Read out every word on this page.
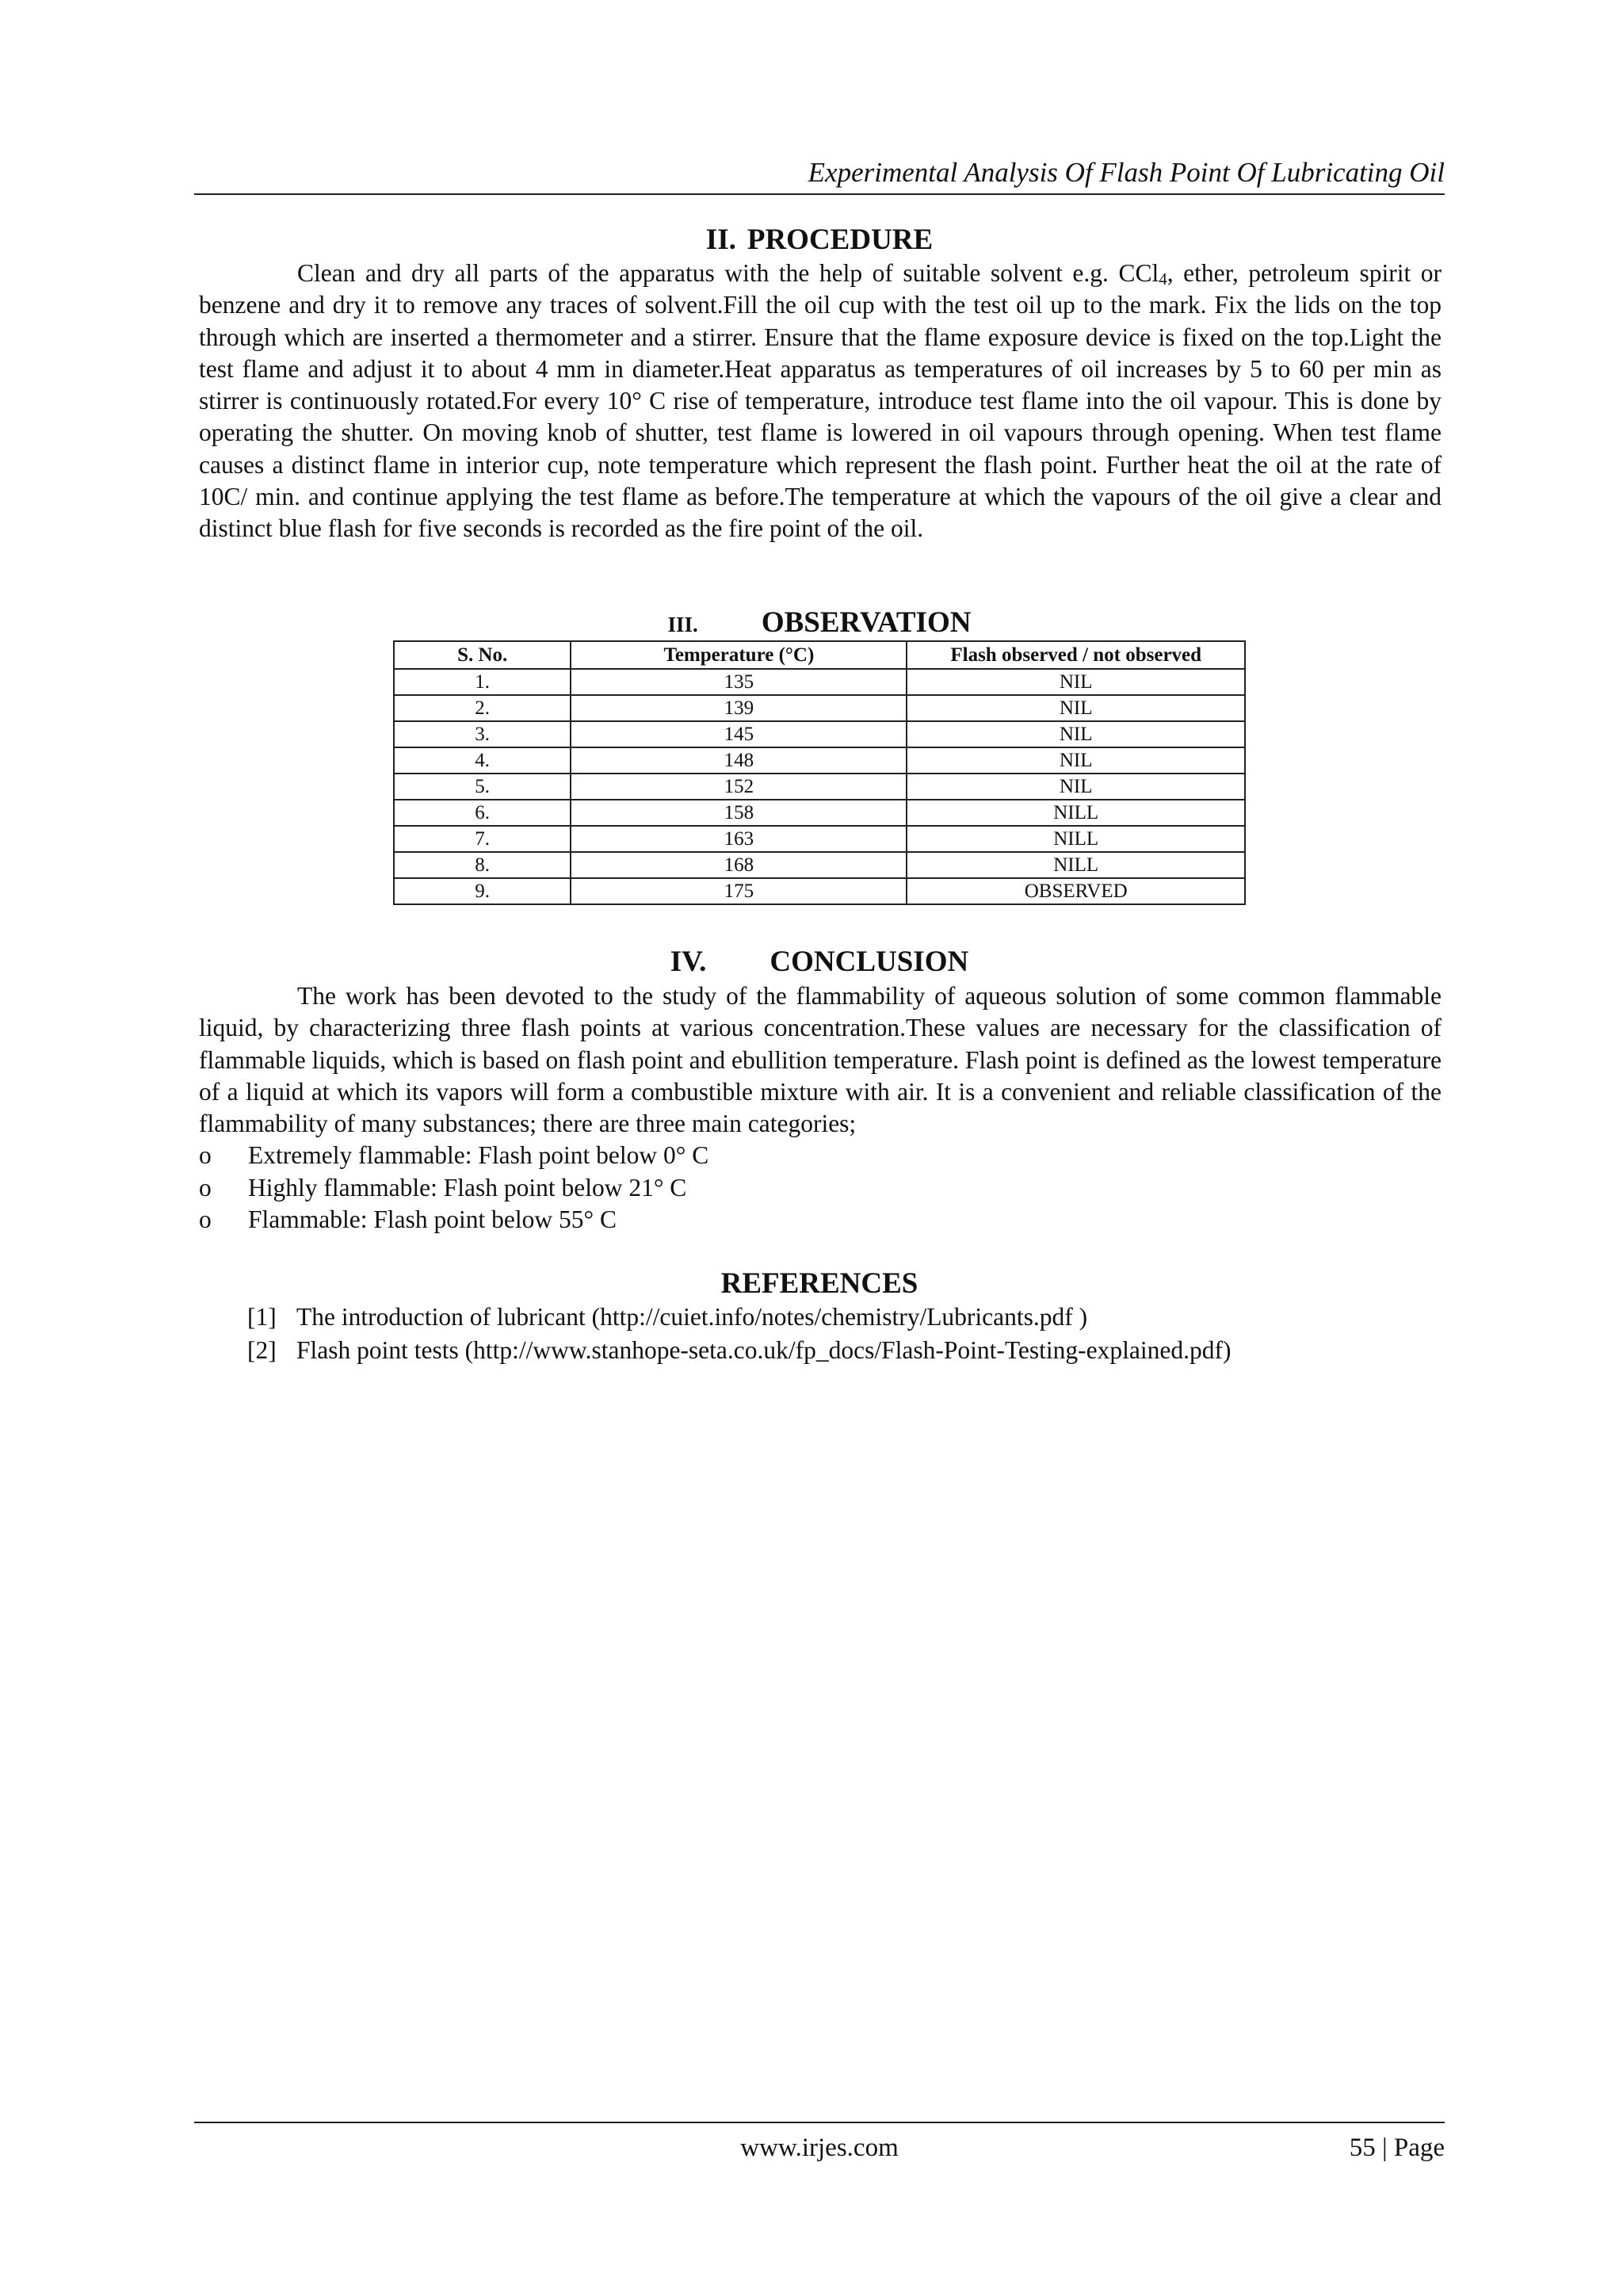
Experimental Analysis Of Flash Point Of Lubricating Oil
II. PROCEDURE
Clean and dry all parts of the apparatus with the help of suitable solvent e.g. CCl$_4$, ether, petroleum spirit or benzene and dry it to remove any traces of solvent.Fill the oil cup with the test oil up to the mark. Fix the lids on the top through which are inserted a thermometer and a stirrer. Ensure that the flame exposure device is fixed on the top.Light the test flame and adjust it to about 4 mm in diameter.Heat apparatus as temperatures of oil increases by 5 to 60 per min as stirrer is continuously rotated.For every 10° C rise of temperature, introduce test flame into the oil vapour. This is done by operating the shutter. On moving knob of shutter, test flame is lowered in oil vapours through opening. When test flame causes a distinct flame in interior cup, note temperature which represent the flash point. Further heat the oil at the rate of 10C/ min. and continue applying the test flame as before.The temperature at which the vapours of the oil give a clear and distinct blue flash for five seconds is recorded as the fire point of the oil.
III. OBSERVATION
S. No.	Temperature (°C)	Flash observed / not observed
1.	135	NIL
2.	139	NIL
3.	145	NIL
4.	148	NIL
5.	152	NIL
6.	158	NILL
7.	163	NILL
8.	168	NILL
9.	175	OBSERVED
IV. CONCLUSION
The work has been devoted to the study of the flammability of aqueous solution of some common flammable liquid, by characterizing three flash points at various concentration.These values are necessary for the classification of flammable liquids, which is based on flash point and ebullition temperature. Flash point is defined as the lowest temperature of a liquid at which its vapors will form a combustible mixture with air. It is a convenient and reliable classification of the flammability of many substances; there are three main categories;
o	Extremely flammable: Flash point below 0° C
o	Highly flammable: Flash point below 21° C
o	Flammable: Flash point below 55° C
REFERENCES
[1] The introduction of lubricant (http://cuiet.info/notes/chemistry/Lubricants.pdf )
[2] Flash point tests (http://www.stanhope-seta.co.uk/fp_docs/Flash-Point-Testing-explained.pdf)
www.irjes.com	55 | Page
